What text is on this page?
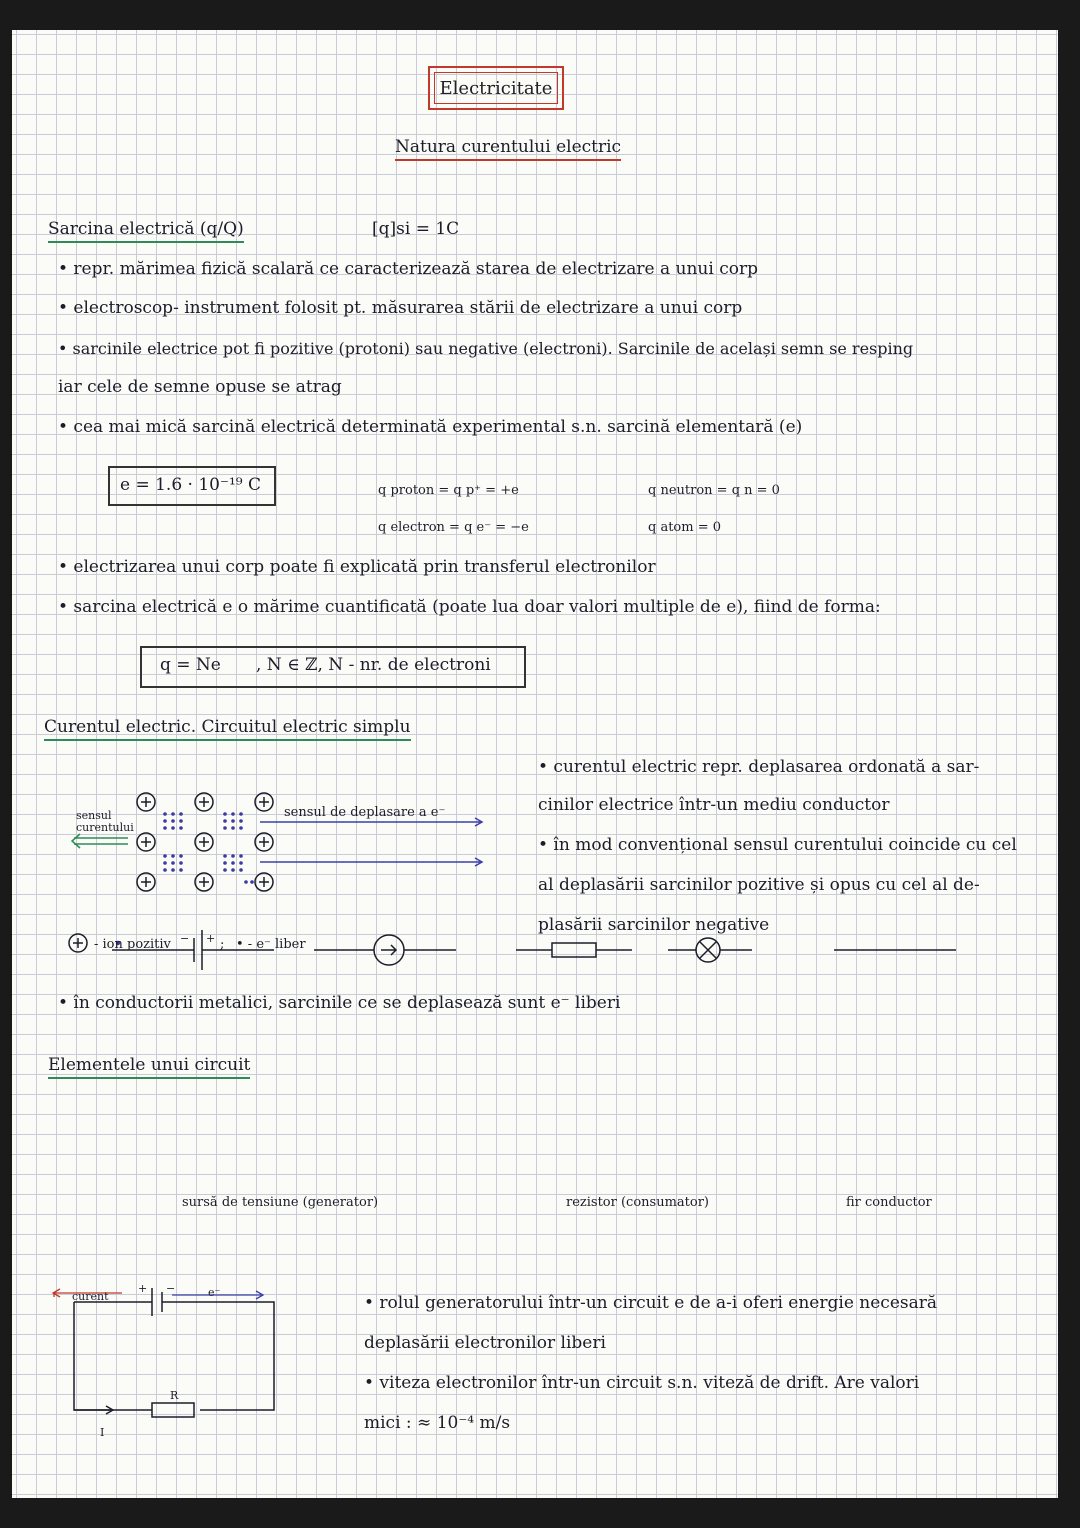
Electricitate
Natura curentului electric
Sarcina electrică (q/Q)	[q]si = 1C
• repr. mărimea fizică scalară ce caracterizează starea de electrizare a unui corp
• electroscop- instrument folosit pt. măsurarea stării de electrizare a unui corp
• sarcinile electrice pot fi pozitive (protoni) sau negative (electroni). Sarcinile de același semn se resping
iar cele de semne opuse se atrag
• cea mai mică sarcină electrică determinată experimental s.n. sarcină elementară (e)
e = 1.6 · 10⁻¹⁹ C	q proton = q p⁺ = +e
q electron = q e⁻ = −e
q neutron = q n = 0
q atom = 0
• electrizarea unui corp poate fi explicată prin transferul electronilor
• sarcina electrică e o mărime cuantificată (poate lua doar valori multiple de e), fiind de forma:
q = Ne , N ∈ ℤ, N - nr. de electroni
Curentul electric. Circuitul electric simplu
sensul
curentului
sensul de deplasare a e⁻
- ion pozitiv	; • - e⁻ liber
• curentul electric repr. deplasarea ordonată a sar-
cinilor electrice într-un mediu conductor
• în mod convențional sensul curentului coincide cu cel
al deplasării sarcinilor pozitive și opus cu cel al de-
plasării sarcinilor negative
• în conductorii metalici, sarcinile ce se deplasează sunt e⁻ liberi
Elementele unui circuit
− +
sursă de tensiune (generator)	rezistor (consumator)	fir conductor
curent
+ −	e⁻
R
I
• rolul generatorului într-un circuit e de a-i oferi energie necesară
deplasării electronilor liberi
• viteza electronilor într-un circuit s.n. viteză de drift. Are valori
mici : ≈ 10⁻⁴ m/s
